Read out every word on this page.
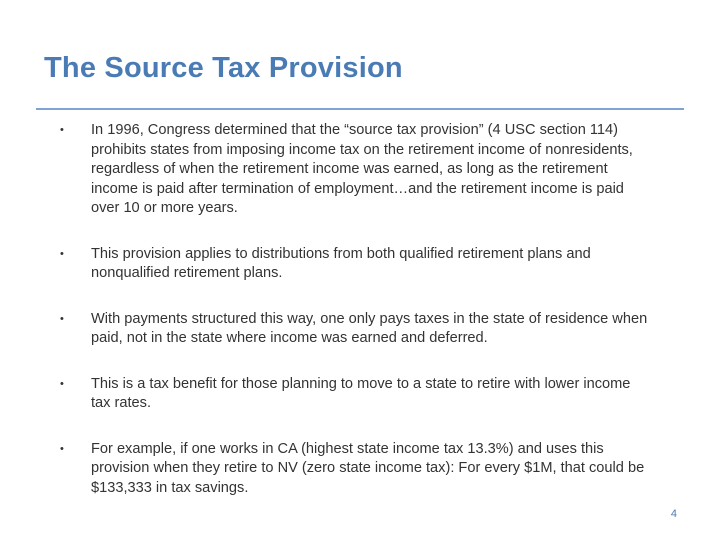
The Source Tax Provision
• In 1996, Congress determined that the “source tax provision” (4 USC section 114) prohibits states from imposing income tax on the retirement income of nonresidents, regardless of when the retirement income was earned, as long as the retirement income is paid after termination of employment…and the retirement income is paid over 10 or more years.
• This provision applies to distributions from both qualified retirement plans and nonqualified retirement plans.
• With payments structured this way, one only pays taxes in the state of residence when paid, not in the state where income was earned and deferred.
• This is a tax benefit for those planning to move to a state to retire with lower income tax rates.
• For example, if one works in CA (highest state income tax 13.3%) and uses this provision when they retire to NV (zero state income tax): For every $1M, that could be $133,333 in tax savings.
4
